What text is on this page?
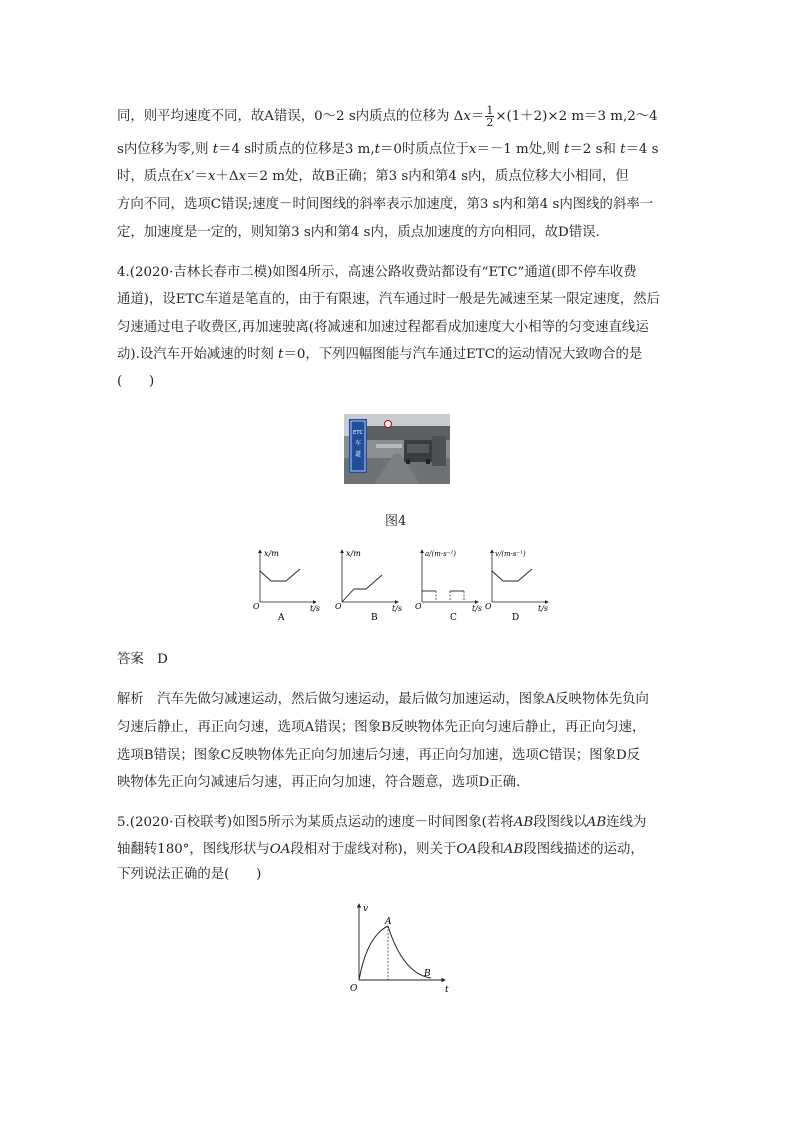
同，则平均速度不同，故A错误，0～2 s内质点的位移为 $\Delta x= \frac{1}{2} \times(1+2)\times 2$ m＝3 m,2～4
s内位移为零,则 t＝4 s时质点的位移是3 m,t＝0时质点位于x＝－1 m处,则 t＝2 s和 t＝4 s
时，质点在x′＝x＋Δx＝2 m处，故B正确；第3 s内和第4 s内，质点位移大小相同，但
方向不同，选项C错误;速度－时间图线的斜率表示加速度，第3 s内和第4 s内图线的斜率一
定，加速度是一定的，则知第3 s内和第4 s内，质点加速度的方向相同，故D错误.
4.(2020·吉林长春市二模)如图4所示，高速公路收费站都设有“ETC”通道(即不停车收费
通道)，设ETC车道是笔直的，由于有限速，汽车通过时一般是先减速至某一限定速度，然后
匀速通过电子收费区,再加速驶离(将减速和加速过程都看成加速度大小相等的匀变速直线运
动).设汽车开始减速的时刻 t＝0，下列四幅图能与汽车通过ETC的运动情况大致吻合的是
(　　)
ETC
车
道
图4
x/m
t/s
O
A
x/m
t/s
O
B
a/(m·s⁻²)
t/s
O
C
v/(m·s⁻¹)
t/s
O
D
答案　D
解析　汽车先做匀减速运动，然后做匀速运动，最后做匀加速运动，图象A反映物体先负向
匀速后静止，再正向匀速，选项A错误；图象B反映物体先正向匀速后静止，再正向匀速，
选项B错误；图象C反映物体先正向匀加速后匀速，再正向匀加速，选项C错误；图象D反
映物体先正向匀减速后匀速，再正向匀加速，符合题意，选项D正确.
5.(2020·百校联考)如图5所示为某质点运动的速度－时间图象(若将AB段图线以AB连线为
轴翻转180°，图线形状与OA段相对于虚线对称)，则关于OA段和AB段图线描述的运动，
下列说法正确的是(　　)
v
t
O
A
B
